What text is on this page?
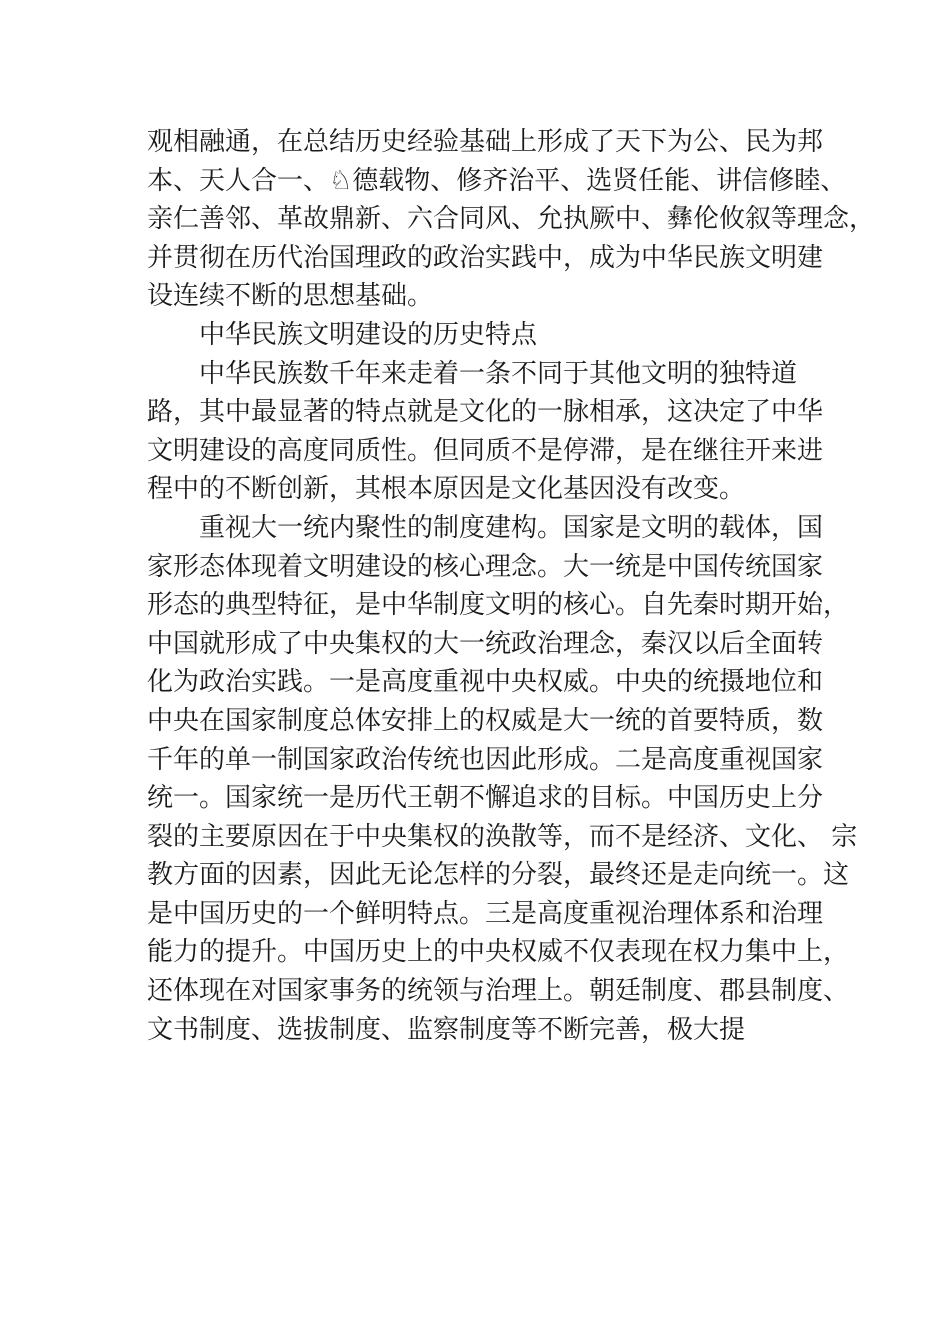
观相融通，在总结历史经验基础上形成了天下为公、民为邦
本、天人合一、♘德载物、修齐治平、选贤任能、讲信修睦、
亲仁善邻、革故鼎新、六合同风、允执厥中、彝伦攸叙等理念，
并贯彻在历代治国理政的政治实践中，成为中华民族文明建
设连续不断的思想基础。
中华民族文明建设的历史特点
中华民族数千年来走着一条不同于其他文明的独特道
路，其中最显著的特点就是文化的一脉相承，这决定了中华
文明建设的高度同质性。但同质不是停滞，是在继往开来进
程中的不断创新，其根本原因是文化基因没有改变。
重视大一统内聚性的制度建构。国家是文明的载体，国
家形态体现着文明建设的核心理念。大一统是中国传统国家
形态的典型特征，是中华制度文明的核心。自先秦时期开始，
中国就形成了中央集权的大一统政治理念，秦汉以后全面转
化为政治实践。一是高度重视中央权威。中央的统摄地位和
中央在国家制度总体安排上的权威是大一统的首要特质，数
千年的单一制国家政治传统也因此形成。二是高度重视国家
统一。国家统一是历代王朝不懈追求的目标。中国历史上分
裂的主要原因在于中央集权的涣散等，而不是经济、文化、 宗
教方面的因素，因此无论怎样的分裂，最终还是走向统一。这
是中国历史的一个鲜明特点。三是高度重视治理体系和治理
能力的提升。中国历史上的中央权威不仅表现在权力集中上，
还体现在对国家事务的统领与治理上。朝廷制度、郡县制度、
文书制度、选拔制度、监察制度等不断完善，极大提
